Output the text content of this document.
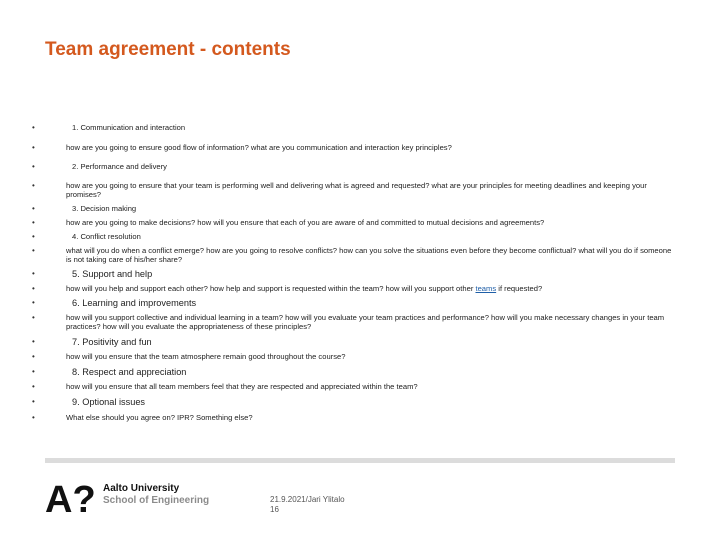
Team agreement - contents
•	1. Communication and interaction
•	how are you going to ensure good flow of information? what are you communication and interaction key principles?
•	2. Performance and delivery
•	how are you going to ensure that your team is performing well and delivering what is agreed and requested? what are your principles for meeting deadlines and keeping your promises?
•	3. Decision making
•	how are you going to make decisions? how will you ensure that each of you are aware of and committed to mutual decisions and agreements?
•	4. Conflict resolution
•	what will you do when a conflict emerge? how are you going to resolve conflicts? how can you solve the situations even before they become conflictual? what will you do if someone is not taking care of his/her share?
•	5. Support and help
•	how will you help and support each other? how help and support is requested within the team? how will you support other teams if requested?
•	6. Learning and improvements
•	how will you support collective and individual learning in a team? how will you evaluate your team practices and performance? how will you make necessary changes in your team practices? how will you evaluate the appropriateness of these principles?
•	7. Positivity and fun
•	how will you ensure that the team atmosphere remain good throughout the course?
•	8. Respect and appreciation
•	how will you ensure that all team members feel that they are respected and appreciated within the team?
•	9. Optional issues
•	What else should you agree on? IPR? Something else?
A? Aalto University
School of Engineering	21.9.2021/Jari Ylitalo
16
